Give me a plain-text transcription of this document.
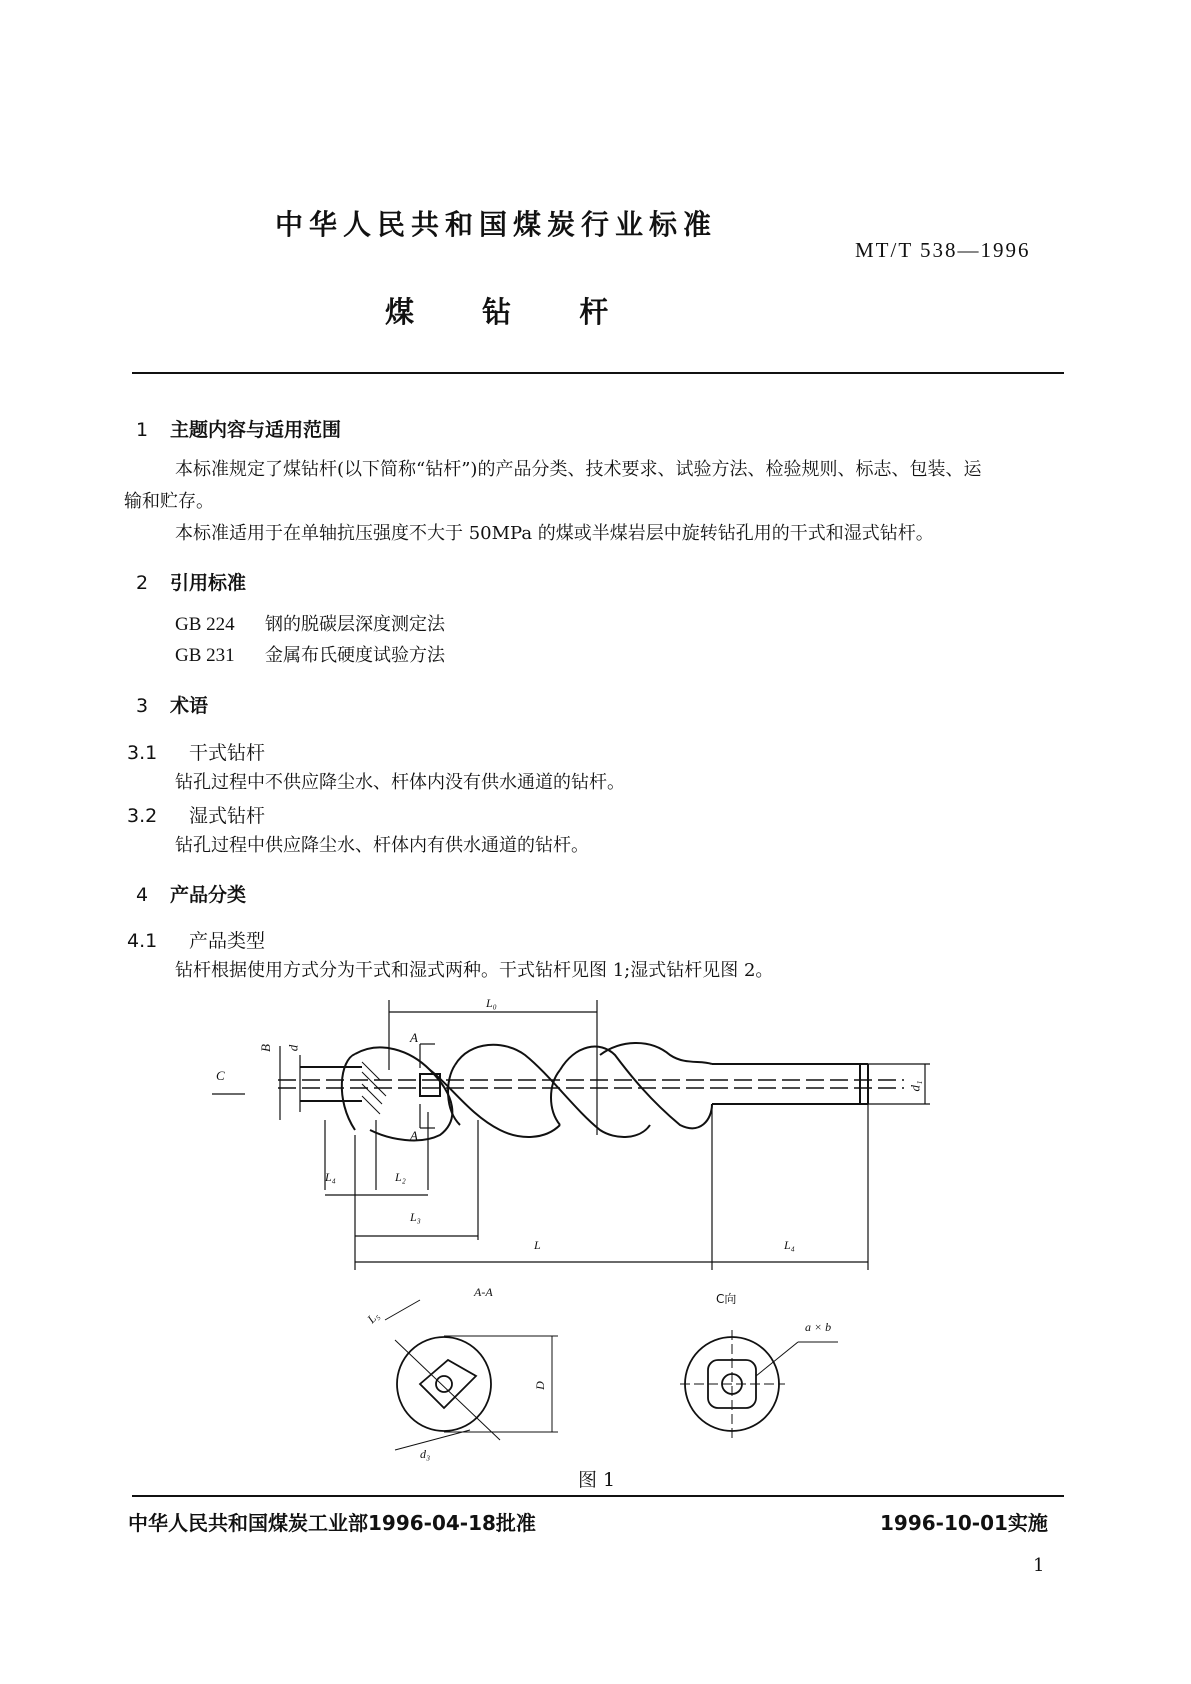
中华人民共和国煤炭行业标准
MT/T 538—1996
煤 钻 杆
1 主题内容与适用范围
本标准规定了煤钻杆(以下简称“钻杆”)的产品分类、技术要求、试验方法、检验规则、标志、包装、运
输和贮存。
本标准适用于在单轴抗压强度不大于 50MPa 的煤或半煤岩层中旋转钻孔用的干式和湿式钻杆。
2 引用标准
GB 224 钢的脱碳层深度测定法
GB 231 金属布氏硬度试验方法
3 术语
3.1 干式钻杆
钻孔过程中不供应降尘水、杆体内没有供水通道的钻杆。
3.2 湿式钻杆
钻孔过程中供应降尘水、杆体内有供水通道的钻杆。
4 产品分类
4.1 产品类型
钻杆根据使用方式分为干式和湿式两种。干式钻杆见图 1;湿式钻杆见图 2。
L₀
B d
C
A
A
d₁
L₄	L₂
L₃
L	L₄
A-A	C向
a × b
L₅
D
d₃
图 1
中华人民共和国煤炭工业部1996-04-18批准	1996-10-01实施
1
